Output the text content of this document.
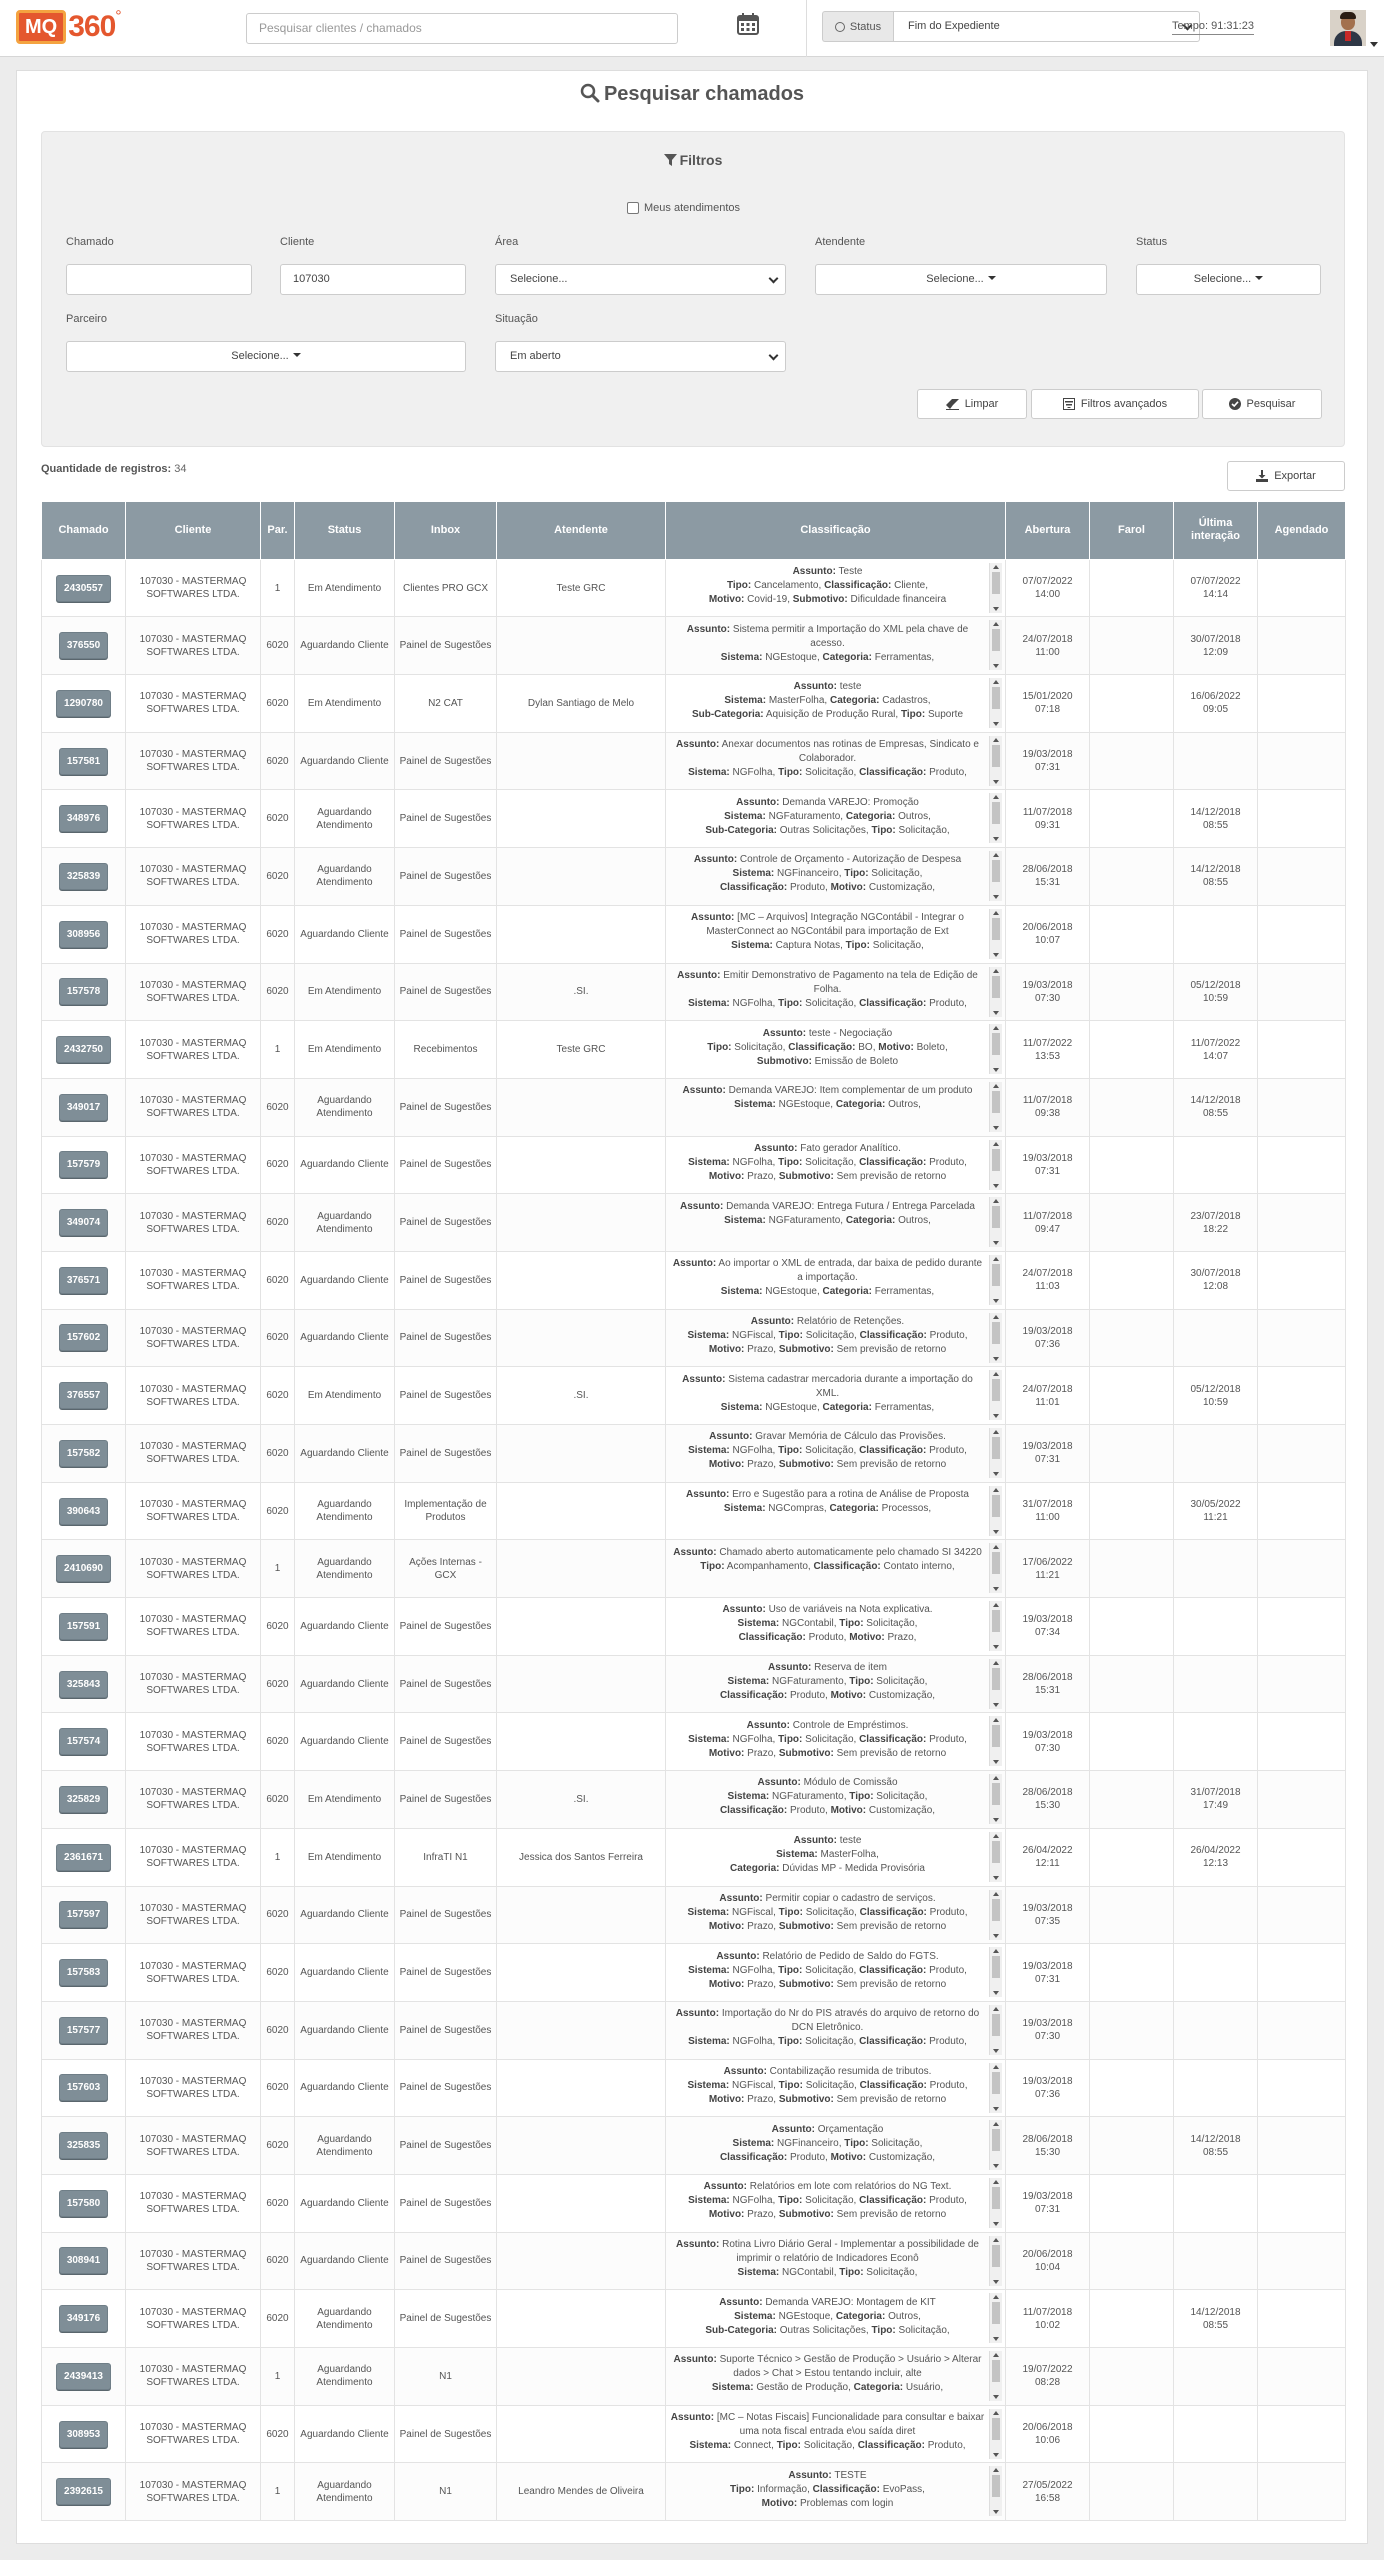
MQ 360 °
Pesquisar clientes / chamados	Status	Fim do Expediente	Tempo: 91:31:23
Pesquisar chamados
Filtros
Meus atendimentos
Chamado	Cliente
107030
Área
Selecione...
Atendente
Selecione...
Status
Selecione...
Parceiro
Selecione...
Situação
Em aberto
Limpar	Filtros avançados	Pesquisar
Quantidade de registros: 34
Exportar
Chamado	Cliente	Par.	Status	Inbox	Atendente	Classificação	Abertura	Farol	Última interação	Agendado
2430557	107030 - MASTERMAQ SOFTWARES LTDA.	1	Em Atendimento	Clientes PRO GCX	Teste GRC	Assunto: Teste
Tipo: Cancelamento, Classificação: Cliente,
Motivo: Covid-19, Submotivo: Dificuldade financeira	07/07/2022 14:00		07/07/2022 14:14	
376550	107030 - MASTERMAQ SOFTWARES LTDA.	6020	Aguardando Cliente	Painel de Sugestões		Assunto: Sistema permitir a Importação do XML pela chave de acesso.
Sistema: NGEstoque, Categoria: Ferramentas,	24/07/2018 11:00		30/07/2018 12:09	
1290780	107030 - MASTERMAQ SOFTWARES LTDA.	6020	Em Atendimento	N2 CAT	Dylan Santiago de Melo	Assunto: teste
Sistema: MasterFolha, Categoria: Cadastros,
Sub-Categoria: Aquisição de Produção Rural, Tipo: Suporte	15/01/2020 07:18		16/06/2022 09:05	
157581	107030 - MASTERMAQ SOFTWARES LTDA.	6020	Aguardando Cliente	Painel de Sugestões		Assunto: Anexar documentos nas rotinas de Empresas, Sindicato e Colaborador.
Sistema: NGFolha, Tipo: Solicitação, Classificação: Produto,	19/03/2018 07:31			
348976	107030 - MASTERMAQ SOFTWARES LTDA.	6020	Aguardando Atendimento	Painel de Sugestões		Assunto: Demanda VAREJO: Promoção
Sistema: NGFaturamento, Categoria: Outros,
Sub-Categoria: Outras Solicitações, Tipo: Solicitação,	11/07/2018 09:31		14/12/2018 08:55	
325839	107030 - MASTERMAQ SOFTWARES LTDA.	6020	Aguardando Atendimento	Painel de Sugestões		Assunto: Controle de Orçamento - Autorização de Despesa
Sistema: NGFinanceiro, Tipo: Solicitação,
Classificação: Produto, Motivo: Customização,	28/06/2018 15:31		14/12/2018 08:55	
308956	107030 - MASTERMAQ SOFTWARES LTDA.	6020	Aguardando Cliente	Painel de Sugestões		Assunto: [MC – Arquivos] Integração NGContábil - Integrar o MasterConnect ao NGContábil para importação de Ext
Sistema: Captura Notas, Tipo: Solicitação,	20/06/2018 10:07			
157578	107030 - MASTERMAQ SOFTWARES LTDA.	6020	Em Atendimento	Painel de Sugestões	.SI.	Assunto: Emitir Demonstrativo de Pagamento na tela de Edição de Folha.
Sistema: NGFolha, Tipo: Solicitação, Classificação: Produto,	19/03/2018 07:30		05/12/2018 10:59	
2432750	107030 - MASTERMAQ SOFTWARES LTDA.	1	Em Atendimento	Recebimentos	Teste GRC	Assunto: teste - Negociação
Tipo: Solicitação, Classificação: BO, Motivo: Boleto,
Submotivo: Emissão de Boleto	11/07/2022 13:53		11/07/2022 14:07	
349017	107030 - MASTERMAQ SOFTWARES LTDA.	6020	Aguardando Atendimento	Painel de Sugestões		Assunto: Demanda VAREJO: Item complementar de um produto
Sistema: NGEstoque, Categoria: Outros,	11/07/2018 09:38		14/12/2018 08:55	
157579	107030 - MASTERMAQ SOFTWARES LTDA.	6020	Aguardando Cliente	Painel de Sugestões		Assunto: Fato gerador Analítico.
Sistema: NGFolha, Tipo: Solicitação, Classificação: Produto,
Motivo: Prazo, Submotivo: Sem previsão de retorno	19/03/2018 07:31			
349074	107030 - MASTERMAQ SOFTWARES LTDA.	6020	Aguardando Atendimento	Painel de Sugestões		Assunto: Demanda VAREJO: Entrega Futura / Entrega Parcelada
Sistema: NGFaturamento, Categoria: Outros,	11/07/2018 09:47		23/07/2018 18:22	
376571	107030 - MASTERMAQ SOFTWARES LTDA.	6020	Aguardando Cliente	Painel de Sugestões		Assunto: Ao importar o XML de entrada, dar baixa de pedido durante a importação.
Sistema: NGEstoque, Categoria: Ferramentas,	24/07/2018 11:03		30/07/2018 12:08	
157602	107030 - MASTERMAQ SOFTWARES LTDA.	6020	Aguardando Cliente	Painel de Sugestões		Assunto: Relatório de Retenções.
Sistema: NGFiscal, Tipo: Solicitação, Classificação: Produto,
Motivo: Prazo, Submotivo: Sem previsão de retorno	19/03/2018 07:36			
376557	107030 - MASTERMAQ SOFTWARES LTDA.	6020	Em Atendimento	Painel de Sugestões	.SI.	Assunto: Sistema cadastrar mercadoria durante a importação do XML.
Sistema: NGEstoque, Categoria: Ferramentas,	24/07/2018 11:01		05/12/2018 10:59	
157582	107030 - MASTERMAQ SOFTWARES LTDA.	6020	Aguardando Cliente	Painel de Sugestões		Assunto: Gravar Memória de Cálculo das Provisões.
Sistema: NGFolha, Tipo: Solicitação, Classificação: Produto,
Motivo: Prazo, Submotivo: Sem previsão de retorno	19/03/2018 07:31			
390643	107030 - MASTERMAQ SOFTWARES LTDA.	6020	Aguardando Atendimento	Implementação de Produtos		Assunto: Erro e Sugestão para a rotina de Análise de Proposta
Sistema: NGCompras, Categoria: Processos,	31/07/2018 11:00		30/05/2022 11:21	
2410690	107030 - MASTERMAQ SOFTWARES LTDA.	1	Aguardando Atendimento	Ações Internas - GCX		Assunto: Chamado aberto automaticamente pelo chamado SI 34220
Tipo: Acompanhamento, Classificação: Contato interno,	17/06/2022 11:21			
157591	107030 - MASTERMAQ SOFTWARES LTDA.	6020	Aguardando Cliente	Painel de Sugestões		Assunto: Uso de variáveis na Nota explicativa.
Sistema: NGContabil, Tipo: Solicitação,
Classificação: Produto, Motivo: Prazo,	19/03/2018 07:34			
325843	107030 - MASTERMAQ SOFTWARES LTDA.	6020	Aguardando Cliente	Painel de Sugestões		Assunto: Reserva de item
Sistema: NGFaturamento, Tipo: Solicitação,
Classificação: Produto, Motivo: Customização,	28/06/2018 15:31			
157574	107030 - MASTERMAQ SOFTWARES LTDA.	6020	Aguardando Cliente	Painel de Sugestões		Assunto: Controle de Empréstimos.
Sistema: NGFolha, Tipo: Solicitação, Classificação: Produto,
Motivo: Prazo, Submotivo: Sem previsão de retorno	19/03/2018 07:30			
325829	107030 - MASTERMAQ SOFTWARES LTDA.	6020	Em Atendimento	Painel de Sugestões	.SI.	Assunto: Módulo de Comissão
Sistema: NGFaturamento, Tipo: Solicitação,
Classificação: Produto, Motivo: Customização,	28/06/2018 15:30		31/07/2018 17:49	
2361671	107030 - MASTERMAQ SOFTWARES LTDA.	1	Em Atendimento	InfraTI N1	Jessica dos Santos Ferreira	Assunto: teste
Sistema: MasterFolha,
Categoria: Dúvidas MP - Medida Provisória	26/04/2022 12:11		26/04/2022 12:13	
157597	107030 - MASTERMAQ SOFTWARES LTDA.	6020	Aguardando Cliente	Painel de Sugestões		Assunto: Permitir copiar o cadastro de serviços.
Sistema: NGFiscal, Tipo: Solicitação, Classificação: Produto,
Motivo: Prazo, Submotivo: Sem previsão de retorno	19/03/2018 07:35			
157583	107030 - MASTERMAQ SOFTWARES LTDA.	6020	Aguardando Cliente	Painel de Sugestões		Assunto: Relatório de Pedido de Saldo do FGTS.
Sistema: NGFolha, Tipo: Solicitação, Classificação: Produto,
Motivo: Prazo, Submotivo: Sem previsão de retorno	19/03/2018 07:31			
157577	107030 - MASTERMAQ SOFTWARES LTDA.	6020	Aguardando Cliente	Painel de Sugestões		Assunto: Importação do Nr do PIS através do arquivo de retorno do DCN Eletrônico.
Sistema: NGFolha, Tipo: Solicitação, Classificação: Produto,	19/03/2018 07:30			
157603	107030 - MASTERMAQ SOFTWARES LTDA.	6020	Aguardando Cliente	Painel de Sugestões		Assunto: Contabilização resumida de tributos.
Sistema: NGFiscal, Tipo: Solicitação, Classificação: Produto,
Motivo: Prazo, Submotivo: Sem previsão de retorno	19/03/2018 07:36			
325835	107030 - MASTERMAQ SOFTWARES LTDA.	6020	Aguardando Atendimento	Painel de Sugestões		Assunto: Orçamentação
Sistema: NGFinanceiro, Tipo: Solicitação,
Classificação: Produto, Motivo: Customização,	28/06/2018 15:30		14/12/2018 08:55	
157580	107030 - MASTERMAQ SOFTWARES LTDA.	6020	Aguardando Cliente	Painel de Sugestões		Assunto: Relatórios em lote com relatórios do NG Text.
Sistema: NGFolha, Tipo: Solicitação, Classificação: Produto,
Motivo: Prazo, Submotivo: Sem previsão de retorno	19/03/2018 07:31			
308941	107030 - MASTERMAQ SOFTWARES LTDA.	6020	Aguardando Cliente	Painel de Sugestões		Assunto: Rotina Livro Diário Geral - Implementar a possibilidade de imprimir o relatório de Indicadores Econô
Sistema: NGContabil, Tipo: Solicitação,	20/06/2018 10:04			
349176	107030 - MASTERMAQ SOFTWARES LTDA.	6020	Aguardando Atendimento	Painel de Sugestões		Assunto: Demanda VAREJO: Montagem de KIT
Sistema: NGEstoque, Categoria: Outros,
Sub-Categoria: Outras Solicitações, Tipo: Solicitação,	11/07/2018 10:02		14/12/2018 08:55	
2439413	107030 - MASTERMAQ SOFTWARES LTDA.	1	Aguardando Atendimento	N1		Assunto: Suporte Técnico > Gestão de Produção > Usuário > Alterar dados > Chat > Estou tentando incluir, alte
Sistema: Gestão de Produção, Categoria: Usuário,	19/07/2022 08:28			
308953	107030 - MASTERMAQ SOFTWARES LTDA.	6020	Aguardando Cliente	Painel de Sugestões		Assunto: [MC – Notas Fiscais] Funcionalidade para consultar e baixar uma nota fiscal entrada e\ou saída diret
Sistema: Connect, Tipo: Solicitação, Classificação: Produto,	20/06/2018 10:06			
2392615	107030 - MASTERMAQ SOFTWARES LTDA.	1	Aguardando Atendimento	N1	Leandro Mendes de Oliveira	Assunto: TESTE
Tipo: Informação, Classificação: EvoPass,
Motivo: Problemas com login	27/05/2022 16:58			
